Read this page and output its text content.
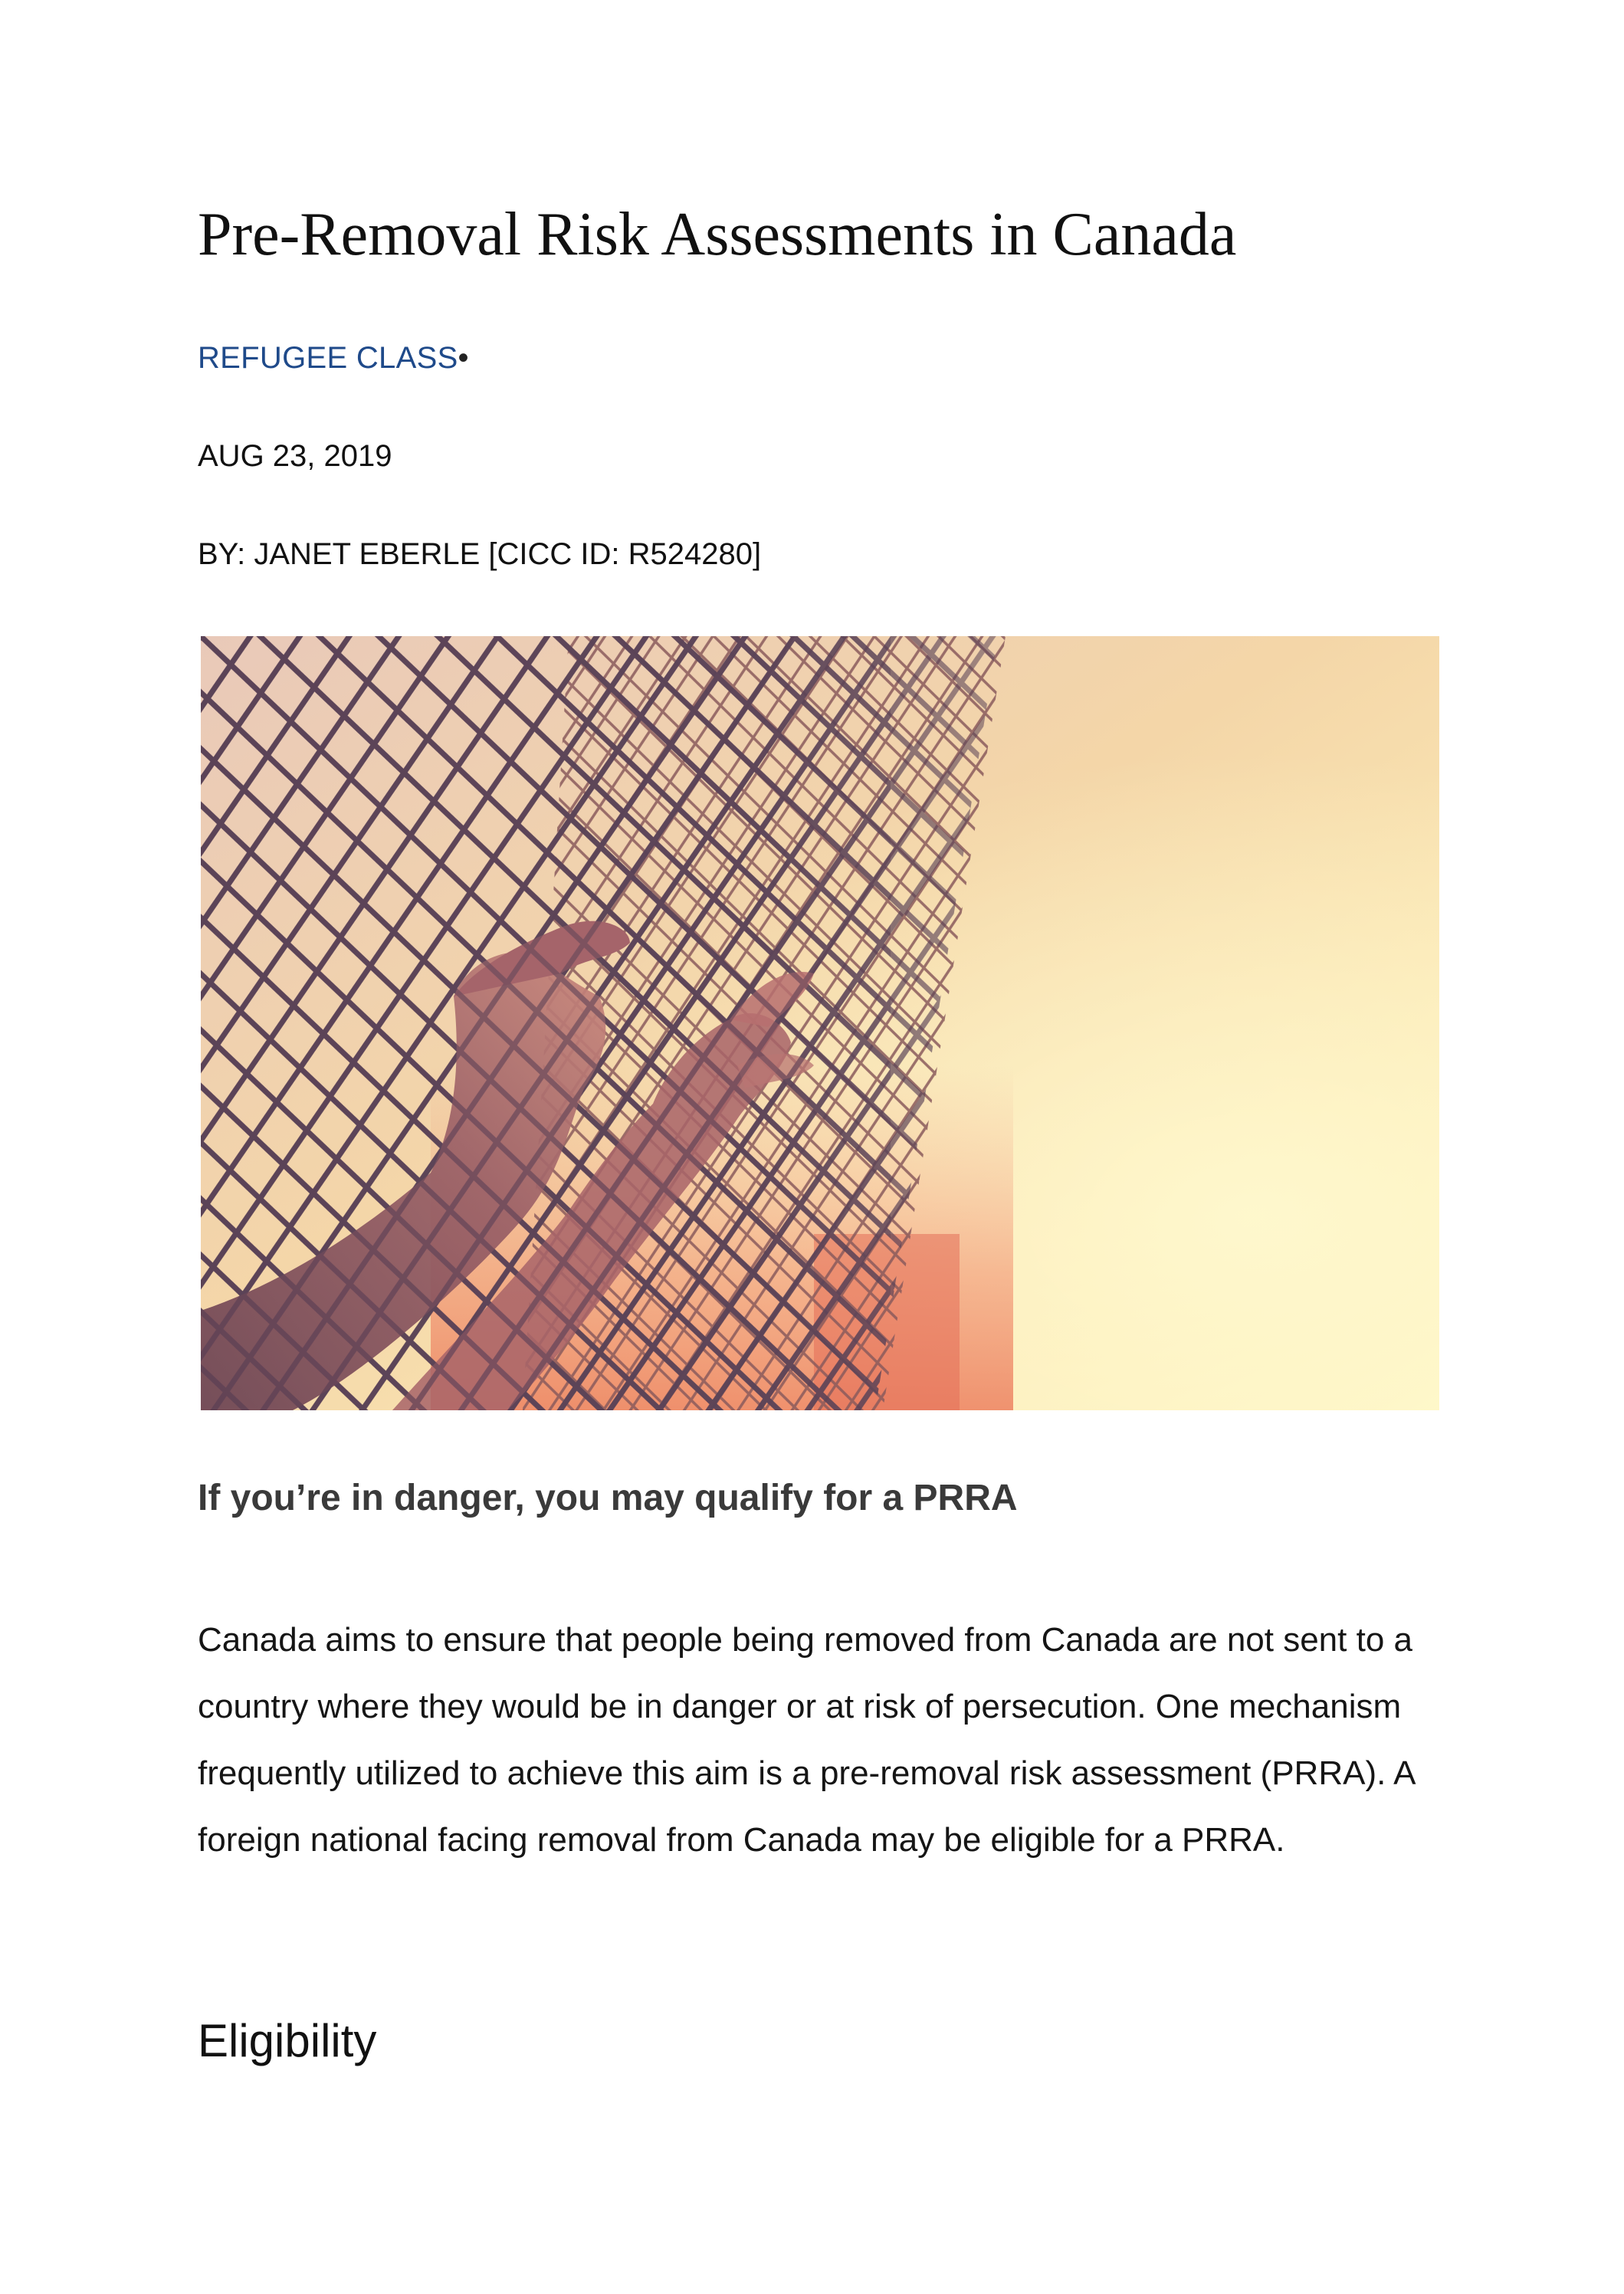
Pre-Removal Risk Assessments in Canada
REFUGEE CLASS•
AUG 23, 2019
BY: JANET EBERLE [CICC ID: R524280]
If you’re in danger, you may qualify for a PRRA

Canada aims to ensure that people being removed from Canada are not sent to a country where they would be in danger or at risk of persecution. One mechanism frequently utilized to achieve this aim is a pre-removal risk assessment (PRRA). A foreign national facing removal from Canada may be eligible for a PRRA.

Eligibility
